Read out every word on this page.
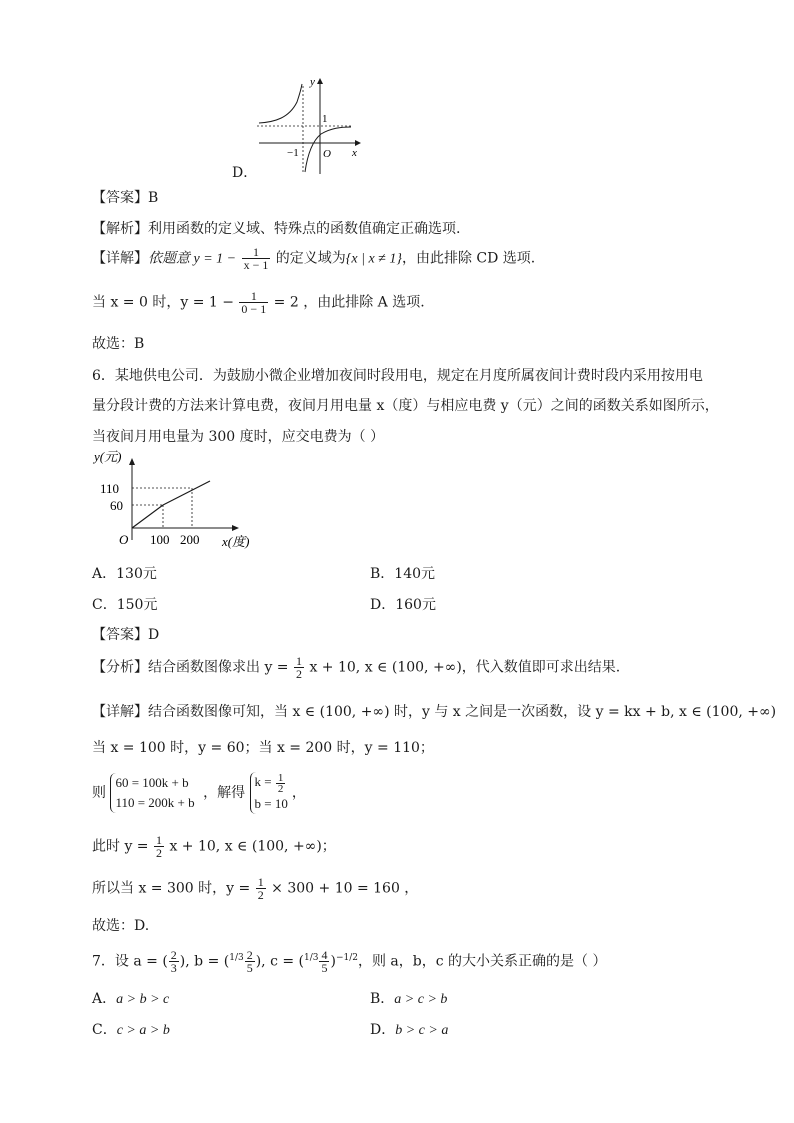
D．
y
x
O
1
−1
【答案】B
【解析】利用函数的定义域、特殊点的函数值确定正确选项.
【详解】依题意 $y = 1 - \frac{1}{x - 1}$ 的定义域为{x | x ≠ 1}，由此排除 CD 选项.
当 x = 0 时，$y = 1 - \frac{1}{0 - 1} = 2$ ，由此排除 A 选项.
故选：B
6．某地供电公司．为鼓励小微企业增加夜间时段用电，规定在月度所属夜间计费时段内采用按用电
量分段计费的方法来计算电费，夜间月用电量 x（度）与相应电费 y（元）之间的函数关系如图所示，
当夜间月用电量为 300 度时，应交电费为（ ）
y(元)
110
60
O 100 200 x(度)
A．130元	B．140元
C．150元	D．160元
【答案】D
【分析】结合函数图像求出 $y = \frac{1}{2}$ x + 10, x ∈ (100, +∞)，代入数值即可求出结果.
【详解】结合函数图像可知，当 x ∈ (100, +∞) 时，y 与 x 之间是一次函数，设 y = kx + b, x ∈ (100, +∞)
当 x = 100 时，y = 60；当 x = 200 时，y = 110；
则
60 = 100k + b
110 = 200k + b
，解得
$k = \frac{1}{2}$
b = 10
，
此时 $y = \frac{1}{2}$ x + 10, x ∈ (100, +∞)；
所以当 x = 300 时，$y = \frac{1}{2} \times 300 + 10 = 160$ ，
故选：D.
7．设 a = ( $\frac{2}{3}$ ), $b = (^{1/3} \frac{2}{5}$ ), $c = (^{1/3} \frac{4}{5} )^{-1/2}$，则 a，b，c 的大小关系正确的是（ ）
A．a > b > c	B．a > c > b
C．c > a > b	D．b > c > a
